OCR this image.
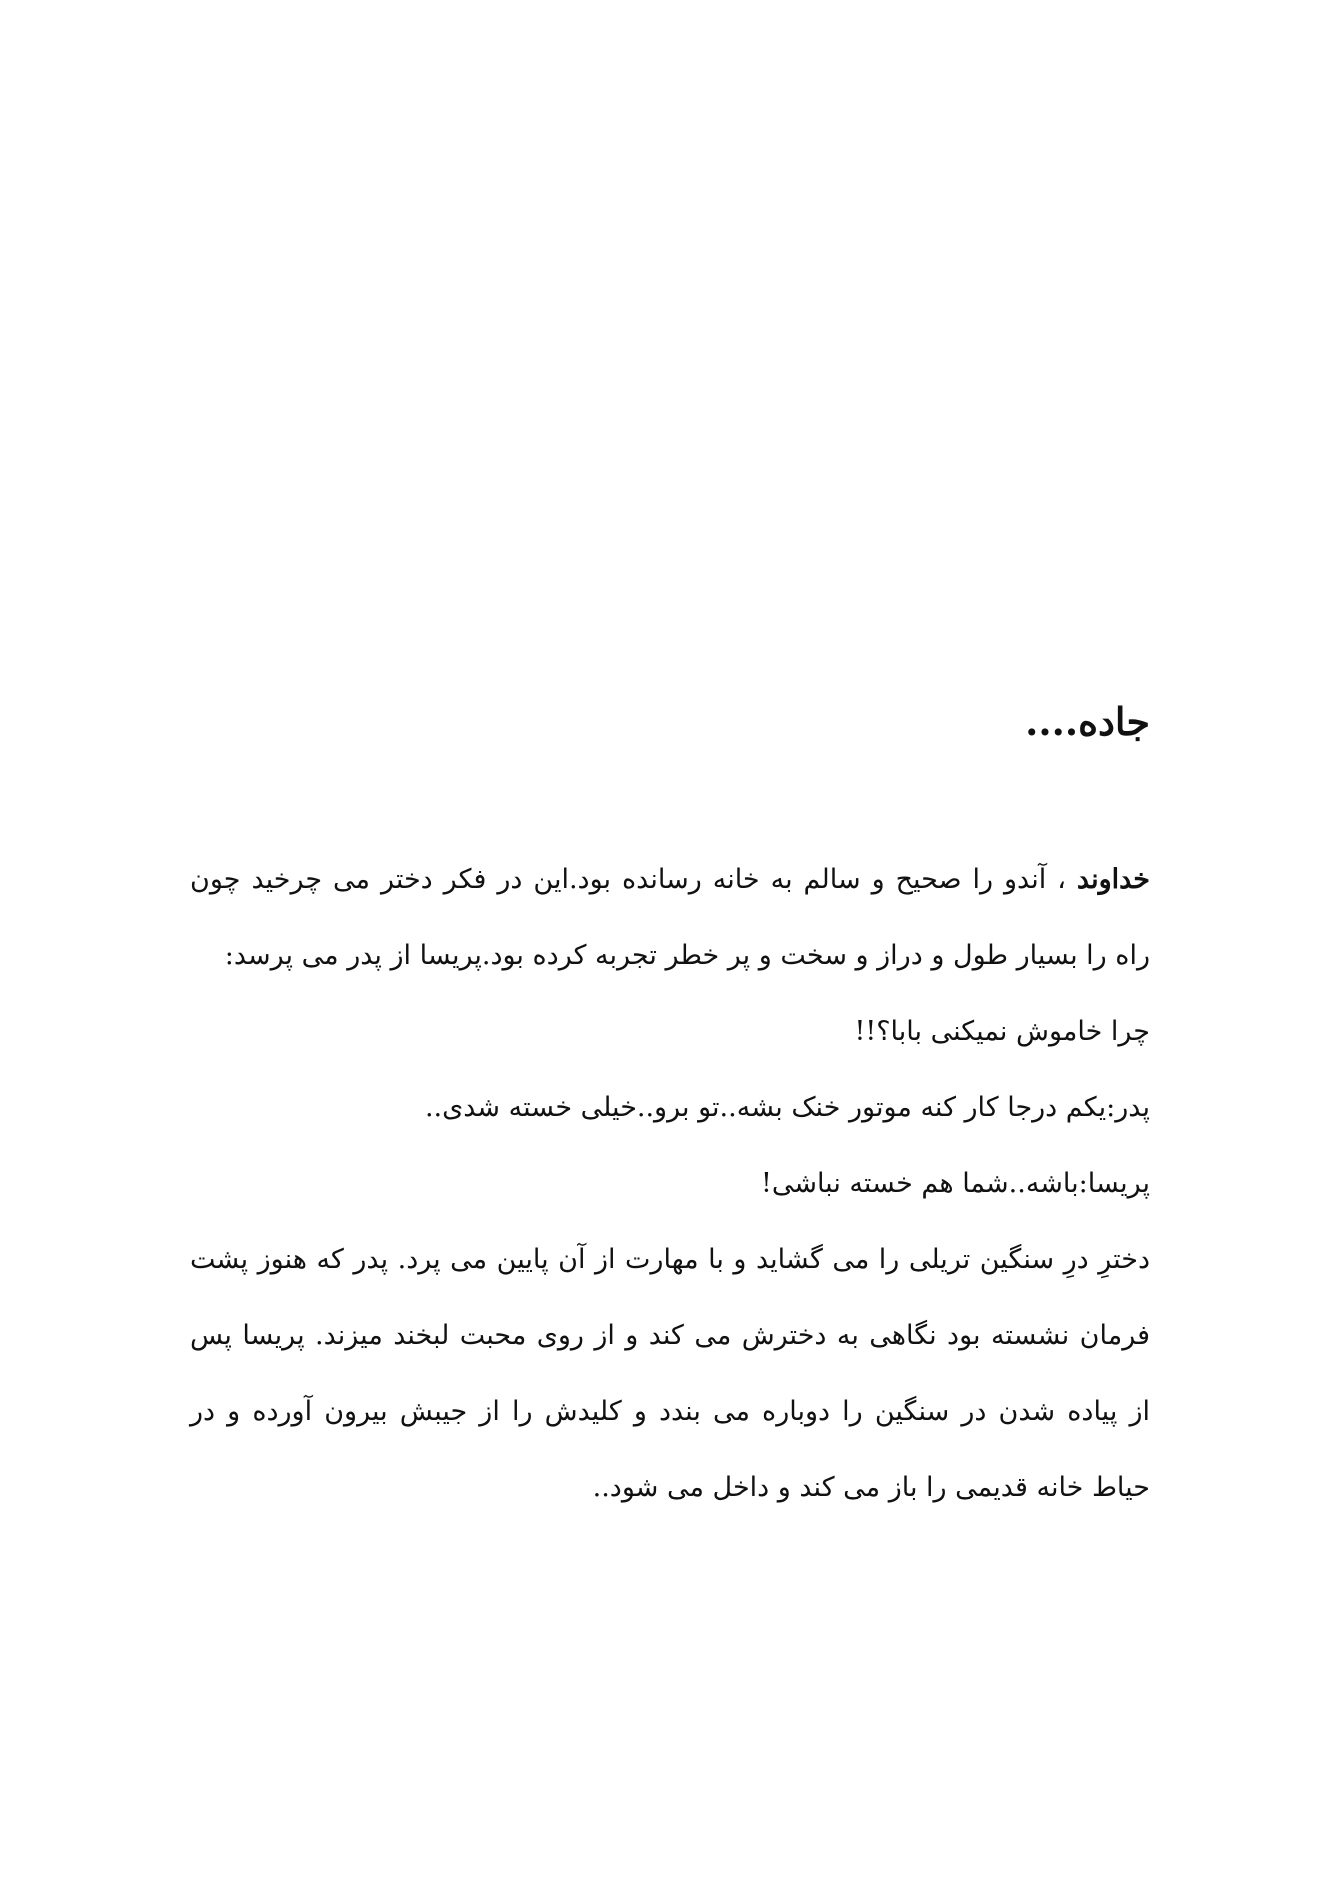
جاده....

خداوند ، آندو را صحیح و سالم به خانه رسانده بود.این در فکر دختر می چرخید چون راه را بسیار طول و دراز و سخت و پر خطر تجربه کرده بود.پریسا از پدر می پرسد:

چرا خاموش نمیکنی بابا؟!!
پدر:یکم درجا کار کنه موتور خنک بشه..تو برو..خیلی خسته شدی..
پریسا:باشه..شما هم خسته نباشی!

دخترِ درِ سنگین تریلی را می گشاید و با مهارت از آن پایین می پرد. پدر که هنوز پشت فرمان نشسته بود نگاهی به دخترش می کند و از روی محبت لبخند میزند. پریسا پس از پیاده شدن در سنگین را دوباره می بندد و کلیدش را از جیبش بیرون آورده و در حیاط خانه قدیمی را باز می کند و داخل می شود..
